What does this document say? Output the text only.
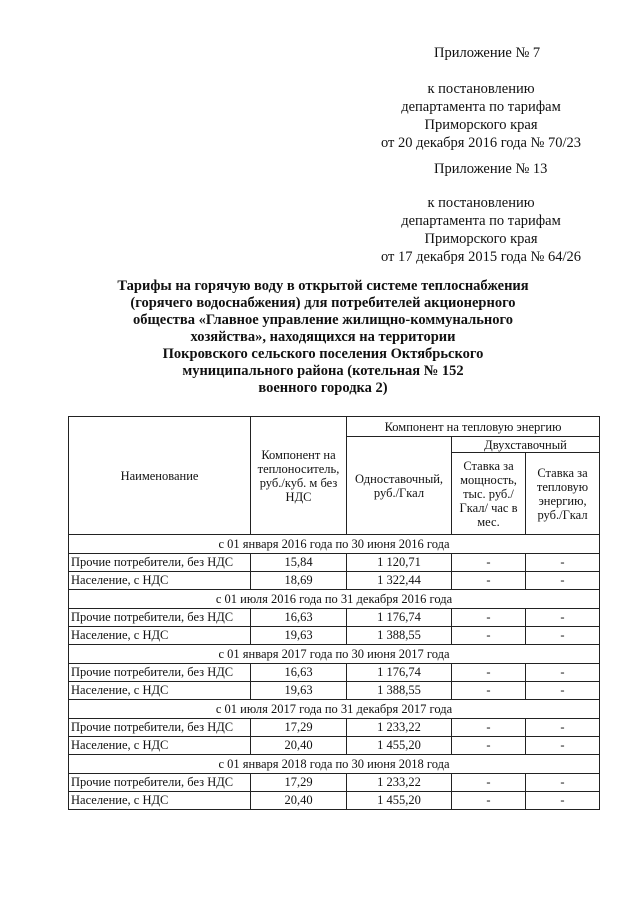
Приложение № 7
к постановлению
департамента по тарифам
Приморского края
от 20 декабря 2016 года № 70/23
Приложение № 13
к постановлению
департамента по тарифам
Приморского края
от 17 декабря 2015 года № 64/26
Тарифы на горячую воду в открытой системе теплоснабжения
(горячего водоснабжения) для потребителей акционерного
общества «Главное управление жилищно-коммунального
хозяйства», находящихся на территории
Покровского сельского поселения Октябрьского
муниципального района (котельная № 152
военного городка 2)
Наименование	Компонент на теплоноситель, руб./куб. м без НДС	Компонент на тепловую энергию		
		Одноставочный, руб./Гкал	Двухставочный	
			Ставка за мощность, тыс. руб./Гкал/ час в мес.	Ставка за тепловую энергию, руб./Гкал
с 01 января 2016 года по 30 июня 2016 года				
Прочие потребители, без НДС	15,84	1 120,71	-	-
Население, с НДС	18,69	1 322,44	-	-
с 01 июля 2016 года по 31 декабря 2016 года				
Прочие потребители, без НДС	16,63	1 176,74	-	-
Население, с НДС	19,63	1 388,55	-	-
с 01 января 2017 года по 30 июня 2017 года				
Прочие потребители, без НДС	16,63	1 176,74	-	-
Население, с НДС	19,63	1 388,55	-	-
с 01 июля 2017 года по 31 декабря 2017 года				
Прочие потребители, без НДС	17,29	1 233,22	-	-
Население, с НДС	20,40	1 455,20	-	-
с 01 января 2018 года по 30 июня 2018 года				
Прочие потребители, без НДС	17,29	1 233,22	-	-
Население, с НДС	20,40	1 455,20	-	-
